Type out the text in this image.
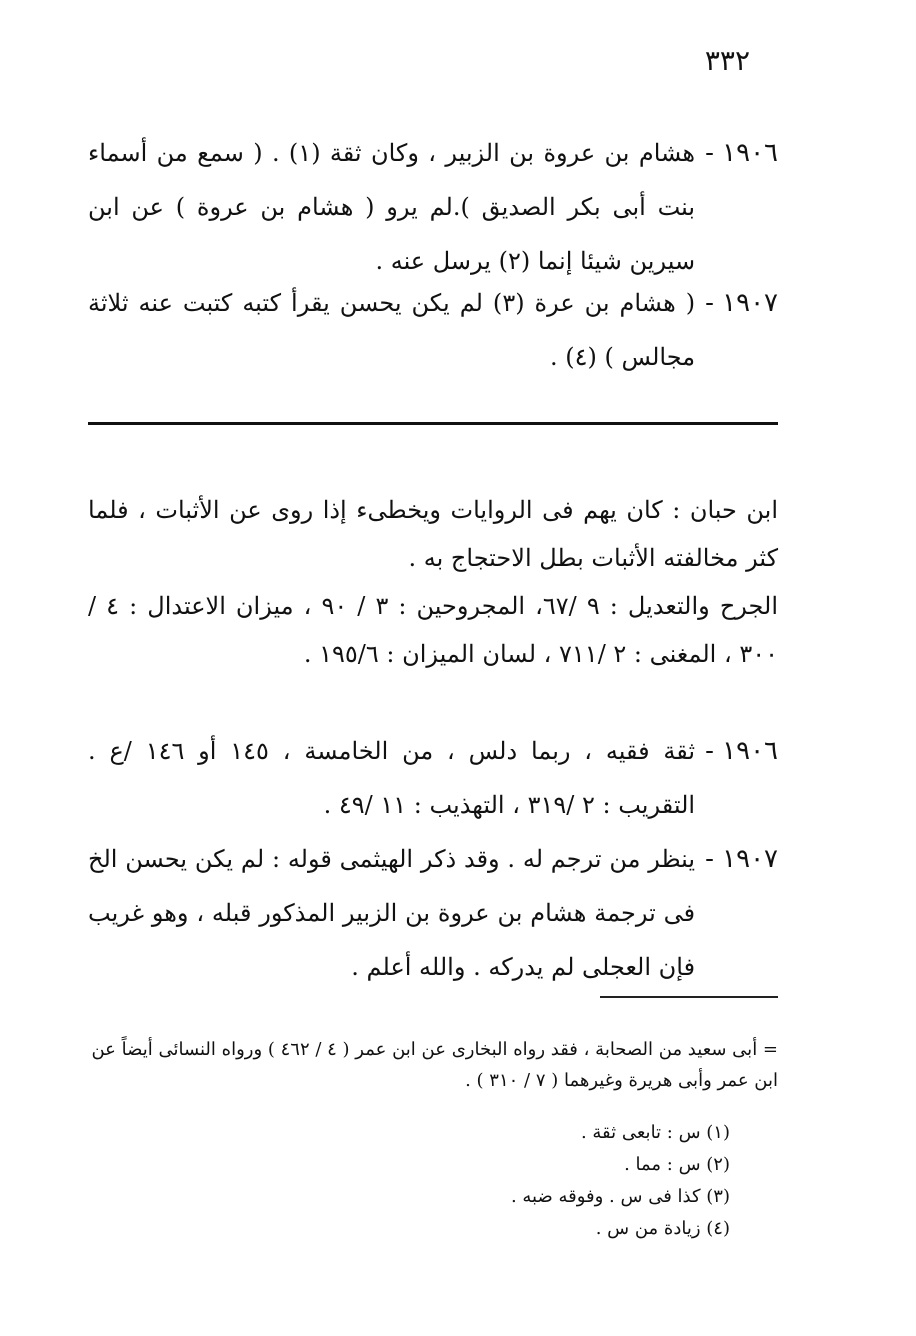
٣٣٢
١٩٠٦ -
هشام بن عروة بن الزبير ، وكان ثقة (١) . ( سمع من أسماء بنت أبى بكر الصديق ).لم يرو ( هشام بن عروة ) عن ابن سيرين شيئا إنما (٢) يرسل عنه .
١٩٠٧ -
( هشام بن عرة (٣) لم يكن يحسن يقرأ كتبه كتبت عنه ثلاثة مجالس ) (٤) .
ابن حبان : كان يهم فى الروايات ويخطىء إذا روى عن الأثبات ، فلما كثر مخالفته الأثبات بطل الاحتجاج به .
الجرح والتعديل : ٩ /٦٧، المجروحين : ٣ / ٩٠ ، ميزان الاعتدال : ٤ / ٣٠٠ ، المغنى : ٢ /٧١١ ، لسان الميزان : ١٩٥/٦ .
١٩٠٦ -
ثقة فقيه ، ربما دلس ، من الخامسة ، ١٤٥ أو ١٤٦ /ع . التقريب : ٢ /٣١٩ ، التهذيب : ١١ /٤٩ .
١٩٠٧ -
ينظر من ترجم له . وقد ذكر الهيثمى قوله : لم يكن يحسن الخ فى ترجمة هشام بن عروة بن الزبير المذكور قبله ، وهو غريب فإن العجلى لم يدركه . والله أعلم .
= أبى سعيد من الصحابة ، فقد رواه البخارى عن ابن عمر ( ٤ / ٤٦٢ ) ورواه النسائى أيضاً عن ابن عمر وأبى هريرة وغيرهما ( ٧ / ٣١٠ ) .
(١) س : تابعى ثقة .
(٢) س : مما .
(٣) كذا فى س . وفوقه ضبه .
(٤) زيادة من س .
